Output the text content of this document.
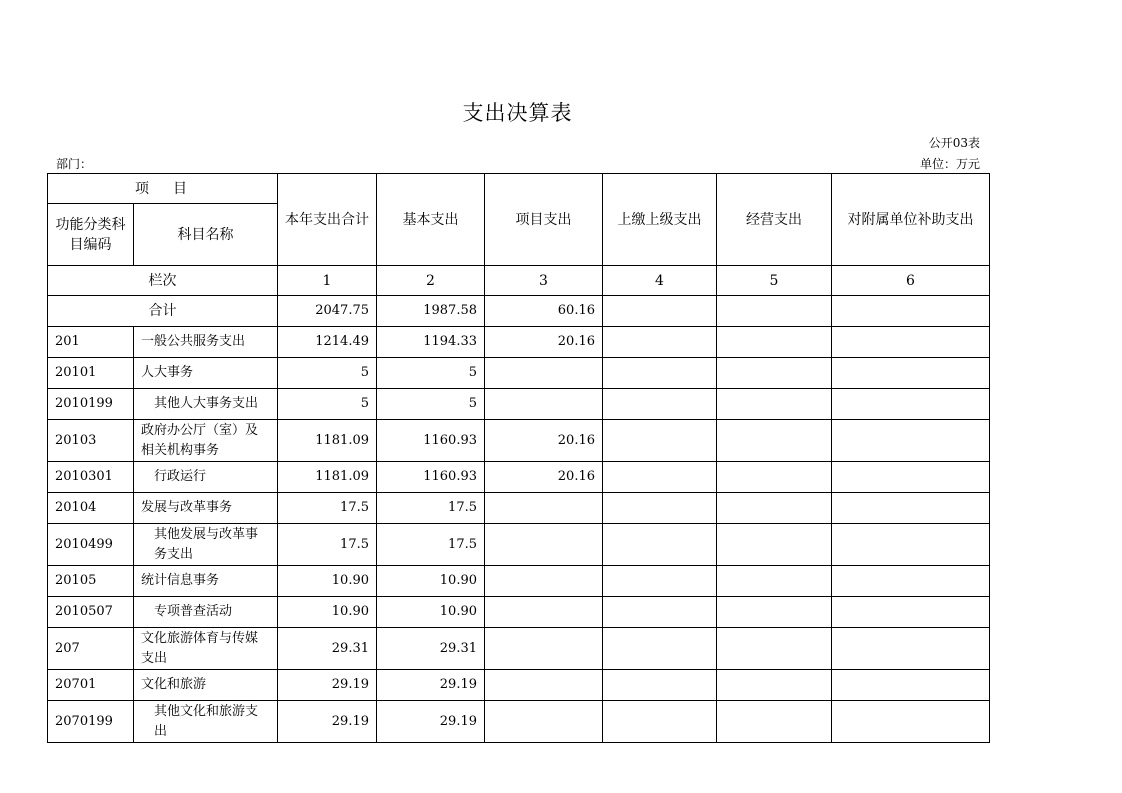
支出决算表
公开03表
部门：	单位：万元
项目		本年支出合计	基本支出	项目支出	上缴上级支出	经营支出	对附属单位补助支出
功能分类科目编码	科目名称						
栏次		1	2	3	4	5	6
合计		2047.75	1987.58	60.16			
201	一般公共服务支出	1214.49	1194.33	20.16			
20101	人大事务	5	5				
2010199	其他人大事务支出	5	5				
20103	政府办公厅（室）及相关机构事务	1181.09	1160.93	20.16			
2010301	行政运行	1181.09	1160.93	20.16			
20104	发展与改革事务	17.5	17.5				
2010499	其他发展与改革事务支出	17.5	17.5				
20105	统计信息事务	10.90	10.90				
2010507	专项普查活动	10.90	10.90				
207	文化旅游体育与传媒支出	29.31	29.31				
20701	文化和旅游	29.19	29.19				
2070199	其他文化和旅游支出	29.19	29.19				
